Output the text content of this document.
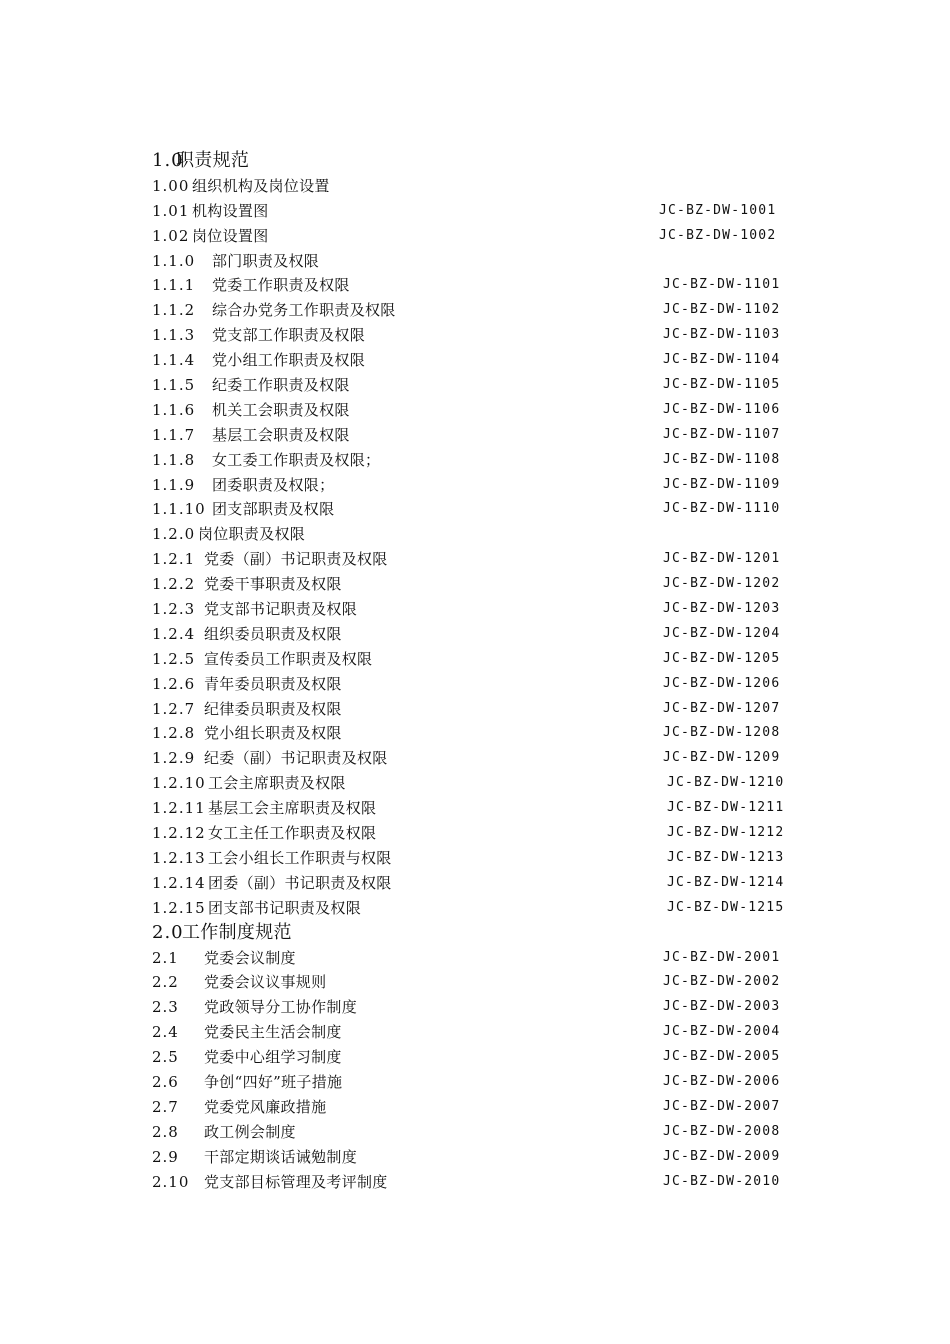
1.0
职责规范
1.00 组织机构及岗位设置
1.01 机构设置图	JC-BZ-DW-1001
1.02 岗位设置图	JC-BZ-DW-1002
1.1.0 部门职责及权限
1.1.1 党委工作职责及权限	JC-BZ-DW-1101
1.1.2 综合办党务工作职责及权限	JC-BZ-DW-1102
1.1.3 党支部工作职责及权限	JC-BZ-DW-1103
1.1.4 党小组工作职责及权限	JC-BZ-DW-1104
1.1.5 纪委工作职责及权限	JC-BZ-DW-1105
1.1.6 机关工会职责及权限	JC-BZ-DW-1106
1.1.7 基层工会职责及权限	JC-BZ-DW-1107
1.1.8 女工委工作职责及权限；	JC-BZ-DW-1108
1.1.9 团委职责及权限；	JC-BZ-DW-1109
1.1.10 团支部职责及权限	JC-BZ-DW-1110
1.2.0 岗位职责及权限
1.2.1 党委（副）书记职责及权限	JC-BZ-DW-1201
1.2.2 党委干事职责及权限	JC-BZ-DW-1202
1.2.3 党支部书记职责及权限	JC-BZ-DW-1203
1.2.4 组织委员职责及权限	JC-BZ-DW-1204
1.2.5 宣传委员工作职责及权限	JC-BZ-DW-1205
1.2.6 青年委员职责及权限	JC-BZ-DW-1206
1.2.7 纪律委员职责及权限	JC-BZ-DW-1207
1.2.8 党小组长职责及权限	JC-BZ-DW-1208
1.2.9 纪委（副）书记职责及权限	JC-BZ-DW-1209
1.2.10 工会主席职责及权限	JC-BZ-DW-1210
1.2.11 基层工会主席职责及权限	JC-BZ-DW-1211
1.2.12 女工主任工作职责及权限	JC-BZ-DW-1212
1.2.13 工会小组长工作职责与权限	JC-BZ-DW-1213
1.2.14 团委（副）书记职责及权限	JC-BZ-DW-1214
1.2.15 团支部书记职责及权限	JC-BZ-DW-1215
2.0
工作制度规范
2.1 党委会议制度	JC-BZ-DW-2001
2.2 党委会议议事规则	JC-BZ-DW-2002
2.3 党政领导分工协作制度	JC-BZ-DW-2003
2.4 党委民主生活会制度	JC-BZ-DW-2004
2.5 党委中心组学习制度	JC-BZ-DW-2005
2.6 争创“四好”班子措施	JC-BZ-DW-2006
2.7 党委党风廉政措施	JC-BZ-DW-2007
2.8 政工例会制度	JC-BZ-DW-2008
2.9 干部定期谈话诫勉制度	JC-BZ-DW-2009
2.10 党支部目标管理及考评制度	JC-BZ-DW-2010
